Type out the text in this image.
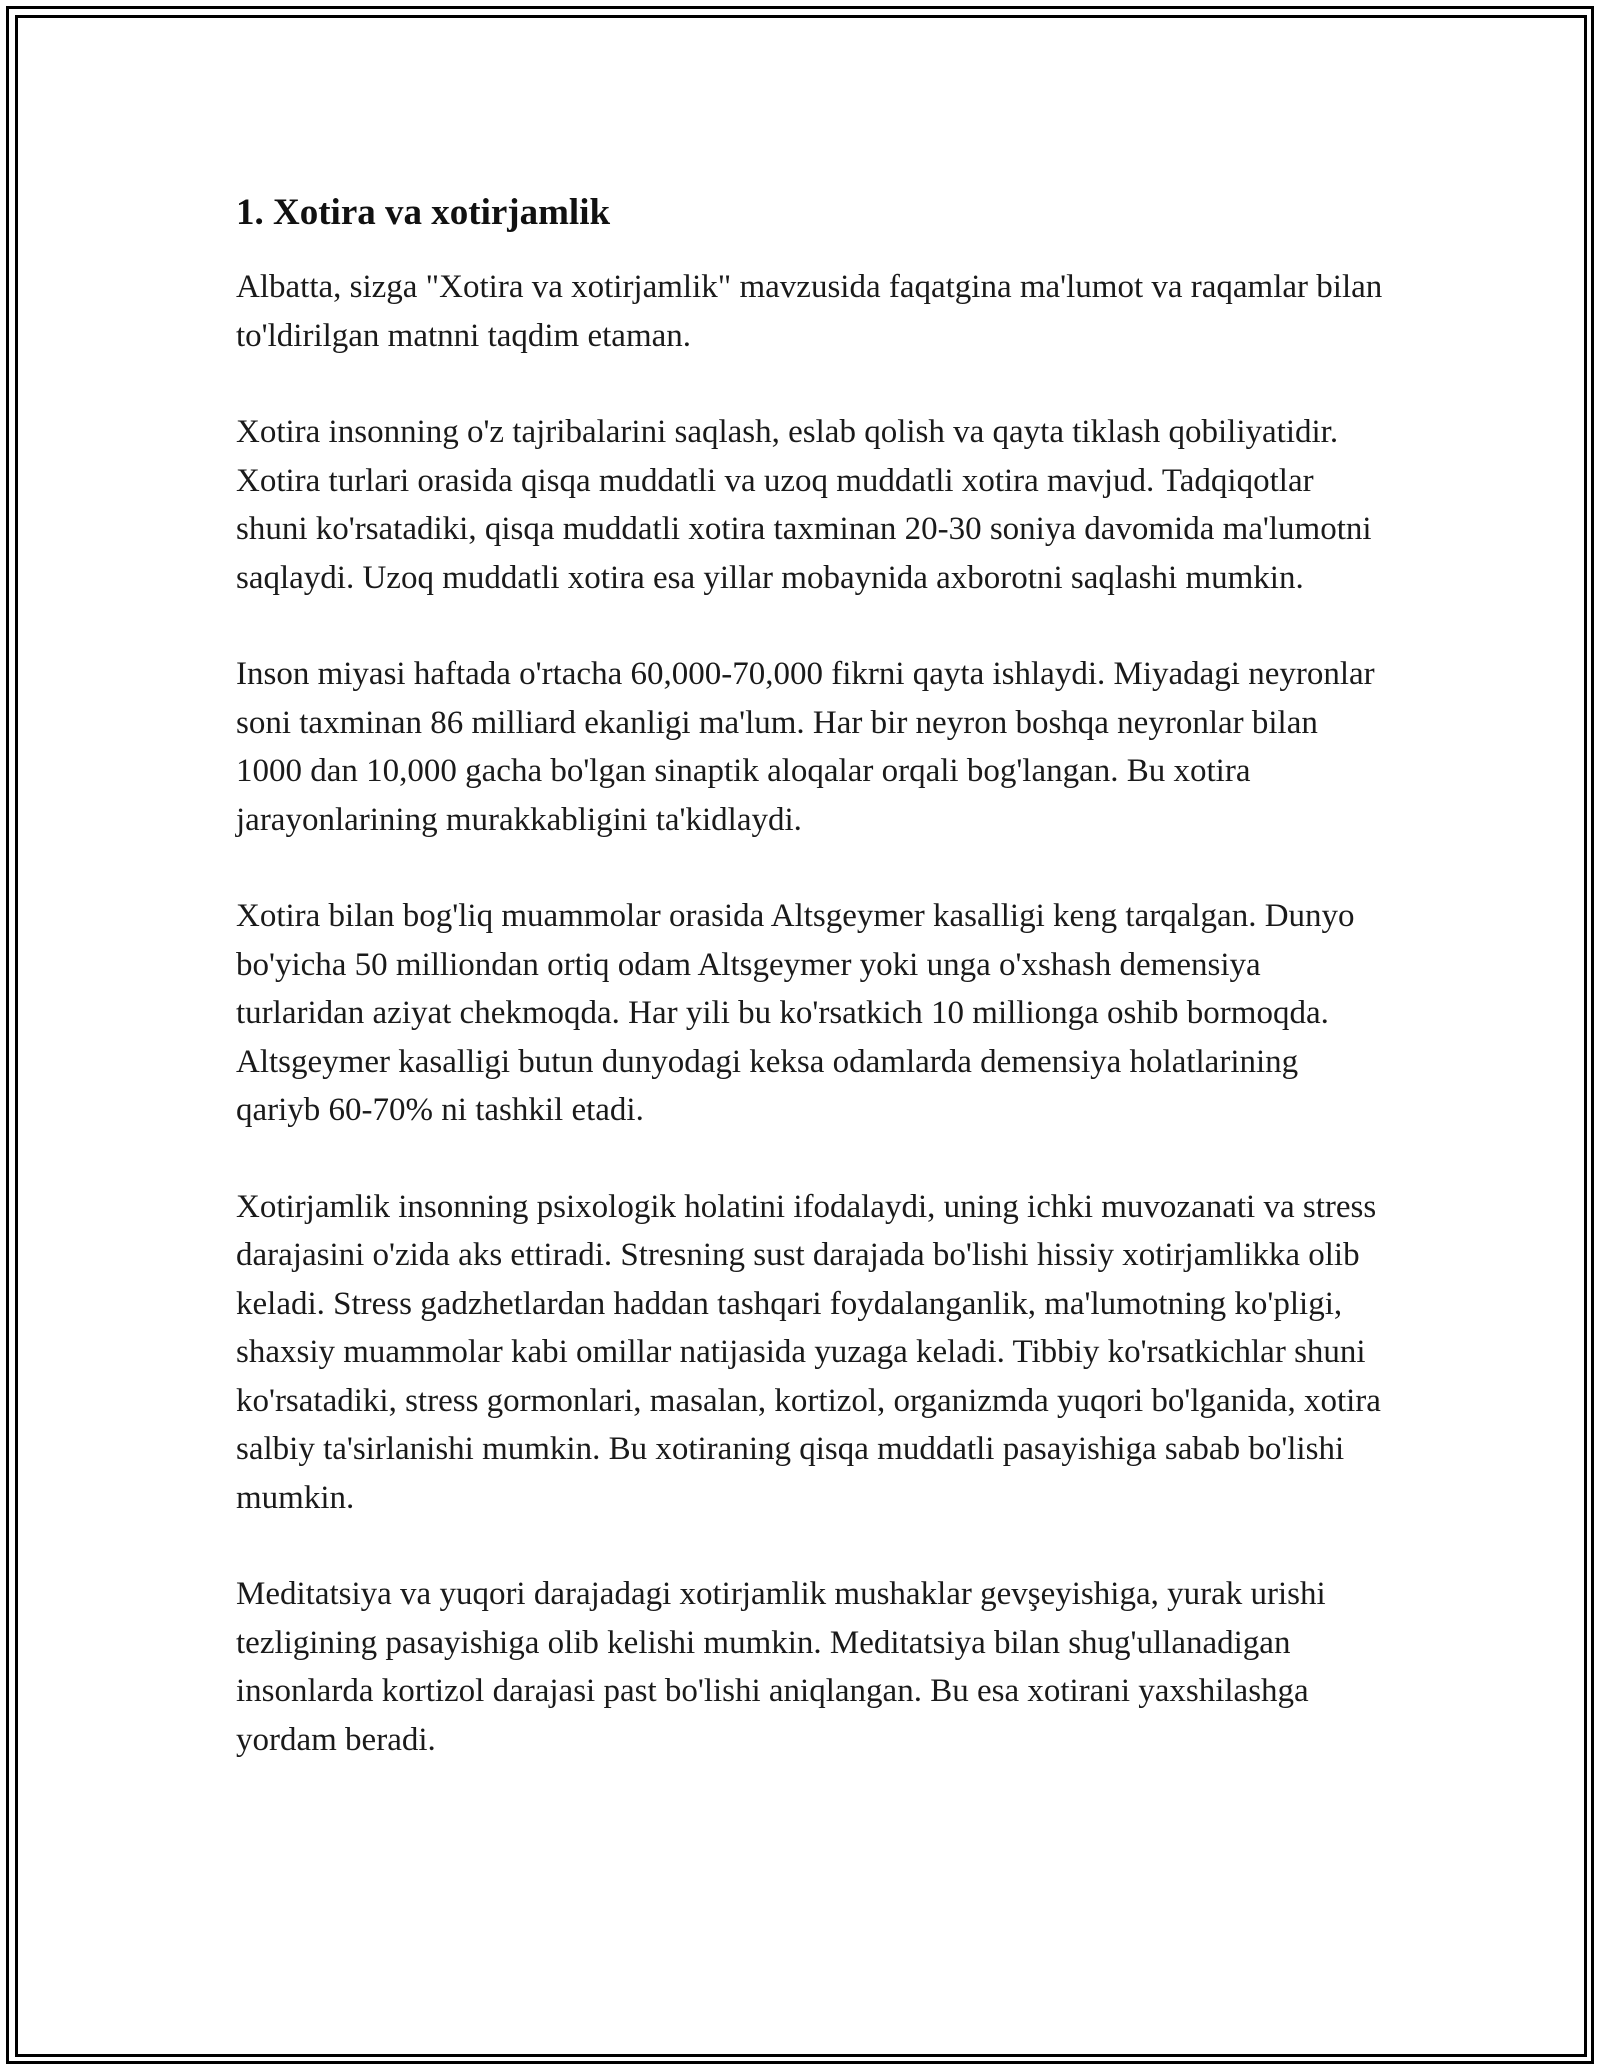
1. Xotira va xotirjamlik

Albatta, sizga "Xotira va xotirjamlik" mavzusida faqatgina ma'lumot va raqamlar bilan to'ldirilgan matnni taqdim etaman.

Xotira insonning o'z tajribalarini saqlash, eslab qolish va qayta tiklash qobiliyatidir. Xotira turlari orasida qisqa muddatli va uzoq muddatli xotira mavjud. Tadqiqotlar shuni ko'rsatadiki, qisqa muddatli xotira taxminan 20-30 soniya davomida ma'lumotni saqlaydi. Uzoq muddatli xotira esa yillar mobaynida axborotni saqlashi mumkin.

Inson miyasi haftada o'rtacha 60,000-70,000 fikrni qayta ishlaydi. Miyadagi neyronlar soni taxminan 86 milliard ekanligi ma'lum. Har bir neyron boshqa neyronlar bilan 1000 dan 10,000 gacha bo'lgan sinaptik aloqalar orqali bog'langan. Bu xotira jarayonlarining murakkabligini ta'kidlaydi.

Xotira bilan bog'liq muammolar orasida Altsgeymer kasalligi keng tarqalgan. Dunyo bo'yicha 50 milliondan ortiq odam Altsgeymer yoki unga o'xshash demensiya turlaridan aziyat chekmoqda. Har yili bu ko'rsatkich 10 millionga oshib bormoqda. Altsgeymer kasalligi butun dunyodagi keksa odamlarda demensiya holatlarining qariyb 60-70% ni tashkil etadi.

Xotirjamlik insonning psixologik holatini ifodalaydi, uning ichki muvozanati va stress darajasini o'zida aks ettiradi. Stresning sust darajada bo'lishi hissiy xotirjamlikka olib keladi. Stress gadzhetlardan haddan tashqari foydalanganlik, ma'lumotning ko'pligi, shaxsiy muammolar kabi omillar natijasida yuzaga keladi. Tibbiy ko'rsatkichlar shuni ko'rsatadiki, stress gormonlari, masalan, kortizol, organizmda yuqori bo'lganida, xotira salbiy ta'sirlanishi mumkin. Bu xotiraning qisqa muddatli pasayishiga sabab bo'lishi mumkin.

Meditatsiya va yuqori darajadagi xotirjamlik mushaklar gevşeyishiga, yurak urishi tezligining pasayishiga olib kelishi mumkin. Meditatsiya bilan shug'ullanadigan insonlarda kortizol darajasi past bo'lishi aniqlangan. Bu esa xotirani yaxshilashga yordam beradi.
